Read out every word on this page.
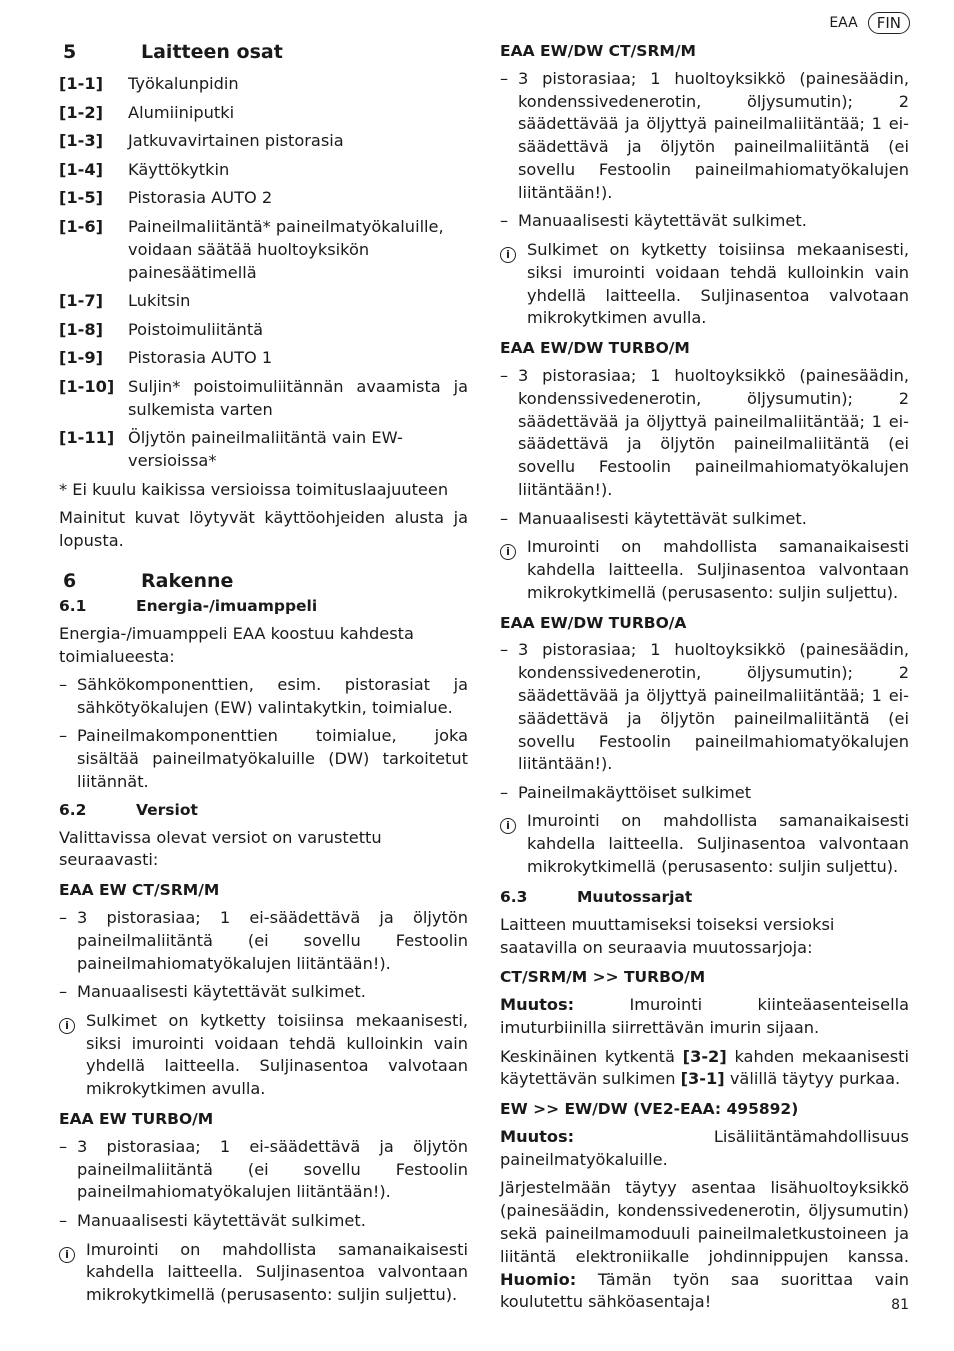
EAA	FIN
5	Laitteen osat
[1-1]	Työkalunpidin
[1-2]	Alumiiniputki
[1-3]	Jatkuvavirtainen pistorasia
[1-4]	Käyttökytkin
[1-5]	Pistorasia AUTO 2
[1-6]	Paineilmaliitäntä* paineilmatyökaluille, voidaan säätää huoltoyksikön painesäätimellä
[1-7]	Lukitsin
[1-8]	Poistoimuliitäntä
[1-9]	Pistorasia AUTO 1
[1-10] Suljin* poistoimuliitännän avaamista ja sulkemista varten
[1-11] Öljytön paineilmaliitäntä vain EW-versioissa*

* Ei kuulu kaikissa versioissa toimituslaajuuteen

Mainitut kuvat löytyvät käyttöohjeiden alusta ja lopusta.

6	Rakenne
6.1	Energia-/imuamppeli

Energia-/imuamppeli EAA koostuu kahdesta toimialueesta:

– Sähkökomponenttien, esim. pistorasiat ja sähkötyökalujen (EW) valintakytkin, toimialue.
– Paineilmakomponenttien toimialue, joka sisältää paineilmatyökaluille (DW) tarkoitetut liitännät.
6.2	Versiot

Valittavissa olevat versiot on varustettu seuraavasti:

EAA EW CT/SRM/M
– 3 pistorasiaa; 1 ei-säädettävä ja öljytön paineilmaliitäntä (ei sovellu Festoolin paineilmahiomatyökalujen liitäntään!).
– Manuaalisesti käytettävät sulkimet.
i	Sulkimet on kytketty toisiinsa mekaanisesti, siksi imurointi voidaan tehdä kulloinkin vain yhdellä laitteella. Suljinasentoa valvotaan mikrokytkimen avulla.
EAA EW TURBO/M
– 3 pistorasiaa; 1 ei-säädettävä ja öljytön paineilmaliitäntä (ei sovellu Festoolin paineilmahiomatyökalujen liitäntään!).
– Manuaalisesti käytettävät sulkimet.
i	Imurointi on mahdollista samanaikaisesti kahdella laitteella. Suljinasentoa valvontaan mikrokytkimellä (perusasento: suljin suljettu).
EAA EW/DW CT/SRM/M
– 3 pistorasiaa; 1 huoltoyksikkö (painesäädin, kondenssivedenerotin, öljysumutin); 2 säädettävää ja öljyttyä paineilmaliitäntää; 1 ei-säädettävä ja öljytön paineilmaliitäntä (ei sovellu Festoolin paineilmahiomatyökalujen liitäntään!).
– Manuaalisesti käytettävät sulkimet.
i	Sulkimet on kytketty toisiinsa mekaanisesti, siksi imurointi voidaan tehdä kulloinkin vain yhdellä laitteella. Suljinasentoa valvotaan mikrokytkimen avulla.
EAA EW/DW TURBO/M
– 3 pistorasiaa; 1 huoltoyksikkö (painesäädin, kondenssivedenerotin, öljysumutin); 2 säädettävää ja öljyttyä paineilmaliitäntää; 1 ei-säädettävä ja öljytön paineilmaliitäntä (ei sovellu Festoolin paineilmahiomatyökalujen liitäntään!).
– Manuaalisesti käytettävät sulkimet.
i	Imurointi on mahdollista samanaikaisesti kahdella laitteella. Suljinasentoa valvontaan mikrokytkimellä (perusasento: suljin suljettu).
EAA EW/DW TURBO/A
– 3 pistorasiaa; 1 huoltoyksikkö (painesäädin, kondenssivedenerotin, öljysumutin); 2 säädettävää ja öljyttyä paineilmaliitäntää; 1 ei-säädettävä ja öljytön paineilmaliitäntä (ei sovellu Festoolin paineilmahiomatyökalujen liitäntään!).
– Paineilmakäyttöiset sulkimet
i	Imurointi on mahdollista samanaikaisesti kahdella laitteella. Suljinasentoa valvontaan mikrokytkimellä (perusasento: suljin suljettu).
6.3	Muutossarjat

Laitteen muuttamiseksi toiseksi versioksi saatavilla on seuraavia muutossarjoja:

CT/SRM/M >> TURBO/M

Muutos:	Imurointi kiinteäasenteisella imuturbiinilla siirrettävän imurin sijaan.

Keskinäinen kytkentä [3-2] kahden mekaanisesti käytettävän sulkimen [3-1] välillä täytyy purkaa.

EW >> EW/DW (VE2-EAA: 495892)

Muutos:	Lisäliitäntämahdollisuus paineilmatyökaluille.

Järjestelmään täytyy asentaa lisähuoltoyksikkö (painesäädin, kondenssivedenerotin, öljysumutin) sekä paineilmamoduuli paineilmaletkustoineen ja liitäntä elektroniikalle johdinnippujen kanssa. Huomio: Tämän työn saa suorittaa vain koulutettu sähköasentaja!	81
